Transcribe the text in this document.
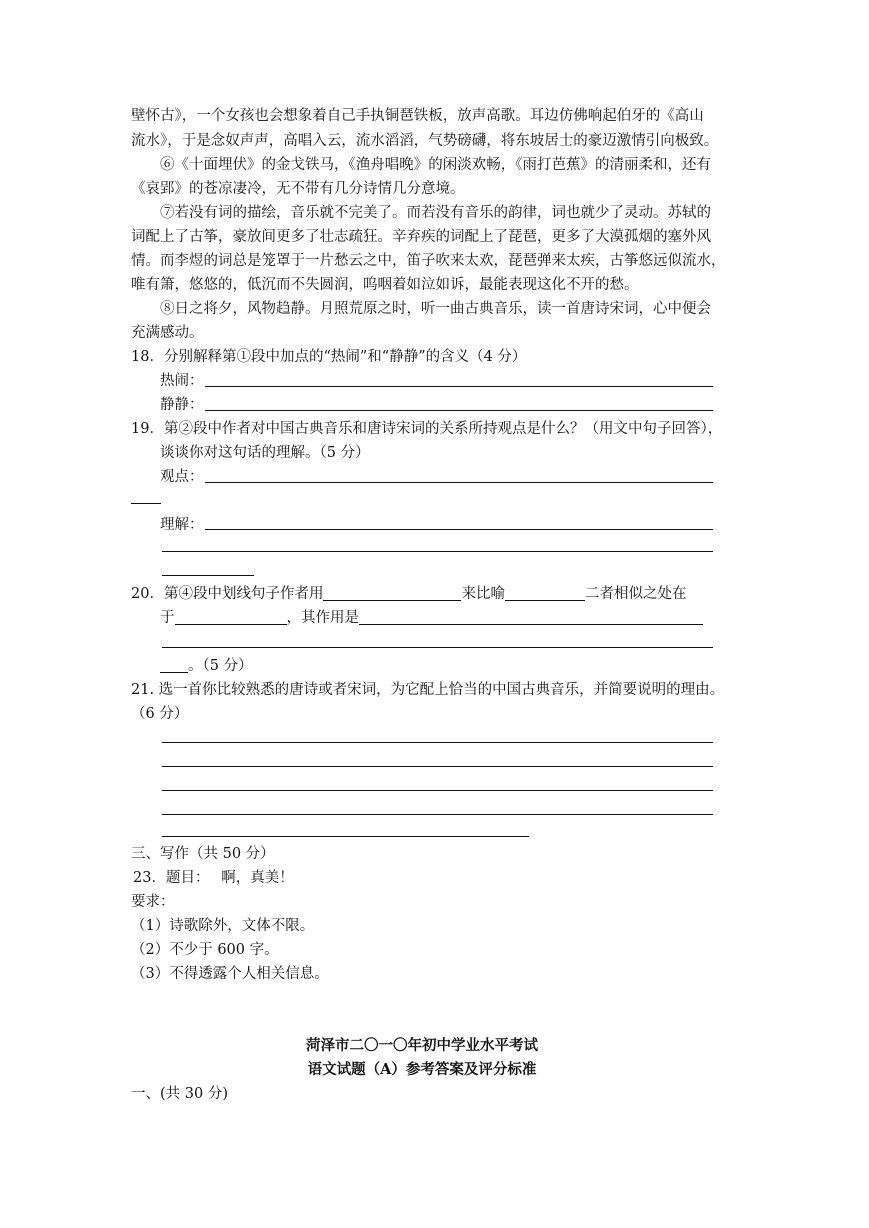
壁怀古》，一个女孩也会想象着自己手执铜琶铁板，放声高歌。耳边仿佛响起伯牙的《高山
流水》，于是念奴声声，高唱入云，流水滔滔，气势磅礴，将东坡居士的豪迈激情引向极致。
⑥《十面埋伏》的金戈铁马，《渔舟唱晚》的闲淡欢畅，《雨打芭蕉》的清丽柔和，还有
《哀郢》的苍凉凄冷，无不带有几分诗情几分意境。
⑦若没有词的描绘，音乐就不完美了。而若没有音乐的韵律，词也就少了灵动。苏轼的
词配上了古筝，豪放间更多了壮志疏狂。辛弃疾的词配上了琵琶，更多了大漠孤烟的塞外风
情。而李煜的词总是笼罩于一片愁云之中，笛子吹来太欢，琵琶弹来太疾，古筝悠远似流水，
唯有箫，悠悠的，低沉而不失圆润，呜咽着如泣如诉，最能表现这化不开的愁。
⑧日之将夕，风物趋静。月照荒原之时，听一曲古典音乐，读一首唐诗宋词，心中便会
充满感动。
18．分别解释第①段中加点的“热闹”和“静静”的含义（4 分）
热闹：
静静：
19．第②段中作者对中国古典音乐和唐诗宋词的关系所持观点是什么？（用文中句子回答），
谈谈你对这句话的理解。（5 分）
观点：
理解：
20．第④段中划线句子作者用	来比喻	二者相似之处在
于	，其作用是
。（5 分）
21. 选一首你比较熟悉的唐诗或者宋词，为它配上恰当的中国古典音乐，并简要说明的理由。
（6 分）
三、写作（共 50 分）
23．题目：　 啊，真美！
要求：
（1）诗歌除外，文体不限。
（2）不少于 600 字。
（3）不得透露个人相关信息。
菏泽市二〇一〇年初中学业水平考试
语文试题（A）参考答案及评分标准
一、(共 30 分)
